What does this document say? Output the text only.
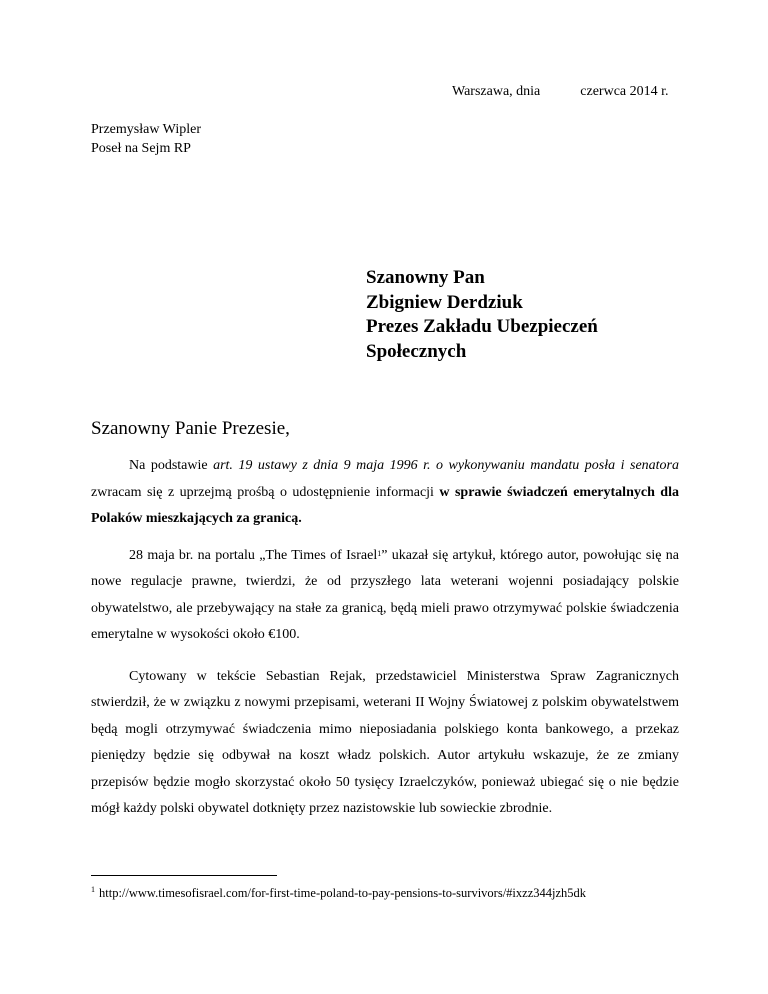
Warszawa, dnia	czerwca 2014 r.
Przemysław Wipler
Poseł na Sejm RP
Szanowny Pan
Zbigniew Derdziuk
Prezes Zakładu Ubezpieczeń
Społecznych
Szanowny Panie Prezesie,

Na podstawie art. 19 ustawy z dnia 9 maja 1996 r. o wykonywaniu mandatu posła i senatora zwracam się z uprzejmą prośbą o udostępnienie informacji w sprawie świadczeń emerytalnych dla Polaków mieszkających za granicą.

28 maja br. na portalu „The Times of Israel$^1$” ukazał się artykuł, którego autor, powołując się na nowe regulacje prawne, twierdzi, że od przyszłego lata weterani wojenni posiadający polskie obywatelstwo, ale przebywający na stałe za granicą, będą mieli prawo otrzymywać polskie świadczenia emerytalne w wysokości około €100.

Cytowany w tekście Sebastian Rejak, przedstawiciel Ministerstwa Spraw Zagranicznych stwierdził, że w związku z nowymi przepisami, weterani II Wojny Światowej z polskim obywatelstwem będą mogli otrzymywać świadczenia mimo nieposiadania polskiego konta bankowego, a przekaz pieniędzy będzie się odbywał na koszt władz polskich. Autor artykułu wskazuje, że ze zmiany przepisów będzie mogło skorzystać około 50 tysięcy Izraelczyków, ponieważ ubiegać się o nie będzie mógł każdy polski obywatel dotknięty przez nazistowskie lub sowieckie zbrodnie.

$^1$ http://www.timesofisrael.com/for-first-time-poland-to-pay-pensions-to-survivors/#ixzz344jzh5dk
